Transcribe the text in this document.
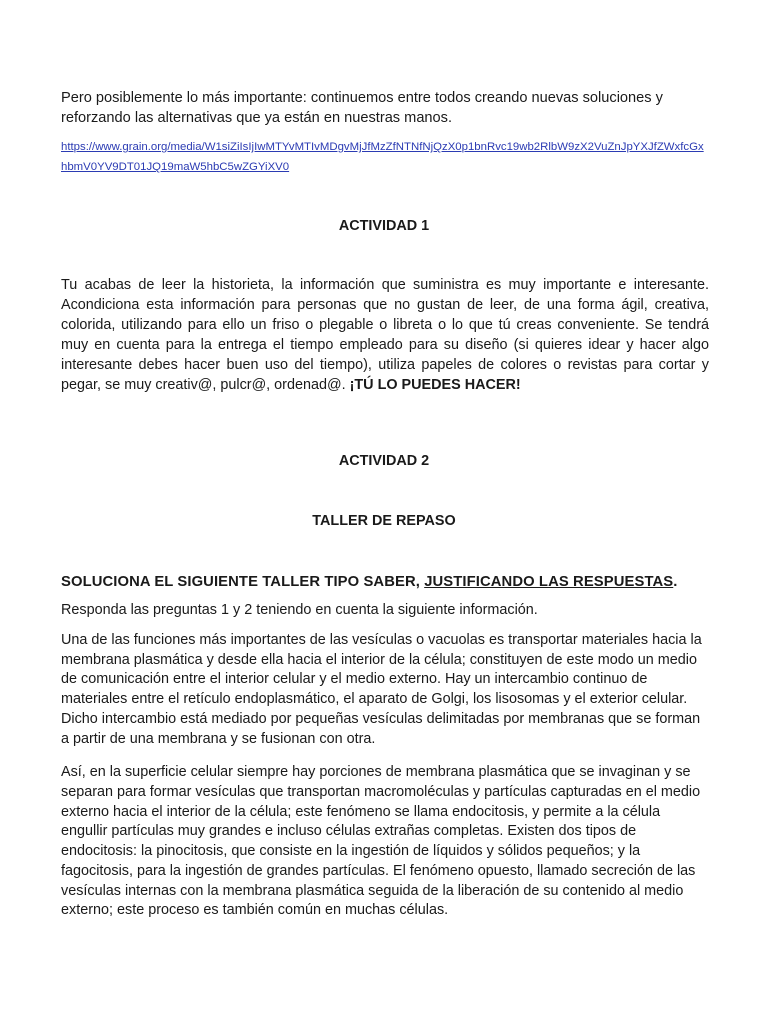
Pero posiblemente lo más importante: continuemos entre todos creando nuevas soluciones y reforzando las alternativas que ya están en nuestras manos.

https://www.grain.org/media/W1siZiIsIjIwMTYvMTIvMDgvMjJfMzZfNTNfNjQzX0p1bnRvc19wb2RlbW9zX2VuZnJpYXJfZWxfcGxhbmV0YV9DT01JQ19maW5hbC5wZGYiXV0
ACTIVIDAD 1

Tu acabas de leer la historieta, la información que suministra es muy importante e interesante. Acondiciona esta información para personas que no gustan de leer, de una forma ágil, creativa, colorida, utilizando para ello un friso o plegable o libreta o lo que tú creas conveniente. Se tendrá muy en cuenta para la entrega el tiempo empleado para su diseño (si quieres idear y hacer algo interesante debes hacer buen uso del tiempo), utiliza papeles de colores o revistas para cortar y pegar, se muy creativ@, pulcr@, ordenad@. ¡TÚ LO PUEDES HACER!

ACTIVIDAD 2
TALLER DE REPASO

SOLUCIONA EL SIGUIENTE TALLER TIPO SABER, JUSTIFICANDO LAS RESPUESTAS.

Responda las preguntas 1 y 2 teniendo en cuenta la siguiente información.

Una de las funciones más importantes de las vesículas o vacuolas es transportar materiales hacia la membrana plasmática y desde ella hacia el interior de la célula; constituyen de este modo un medio de comunicación entre el interior celular y el medio externo. Hay un intercambio continuo de materiales entre el retículo endoplasmático, el aparato de Golgi, los lisosomas y el exterior celular. Dicho intercambio está mediado por pequeñas vesículas delimitadas por membranas que se forman a partir de una membrana y se fusionan con otra.

Así, en la superficie celular siempre hay porciones de membrana plasmática que se invaginan y se separan para formar vesículas que transportan macromoléculas y partículas capturadas en el medio externo hacia el interior de la célula; este fenómeno se llama endocitosis, y permite a la célula engullir partículas muy grandes e incluso células extrañas completas. Existen dos tipos de endocitosis: la pinocitosis, que consiste en la ingestión de líquidos y sólidos pequeños; y la fagocitosis, para la ingestión de grandes partículas. El fenómeno opuesto, llamado secreción de las vesículas internas con la membrana plasmática seguida de la liberación de su contenido al medio externo; este proceso es también común en muchas células.
